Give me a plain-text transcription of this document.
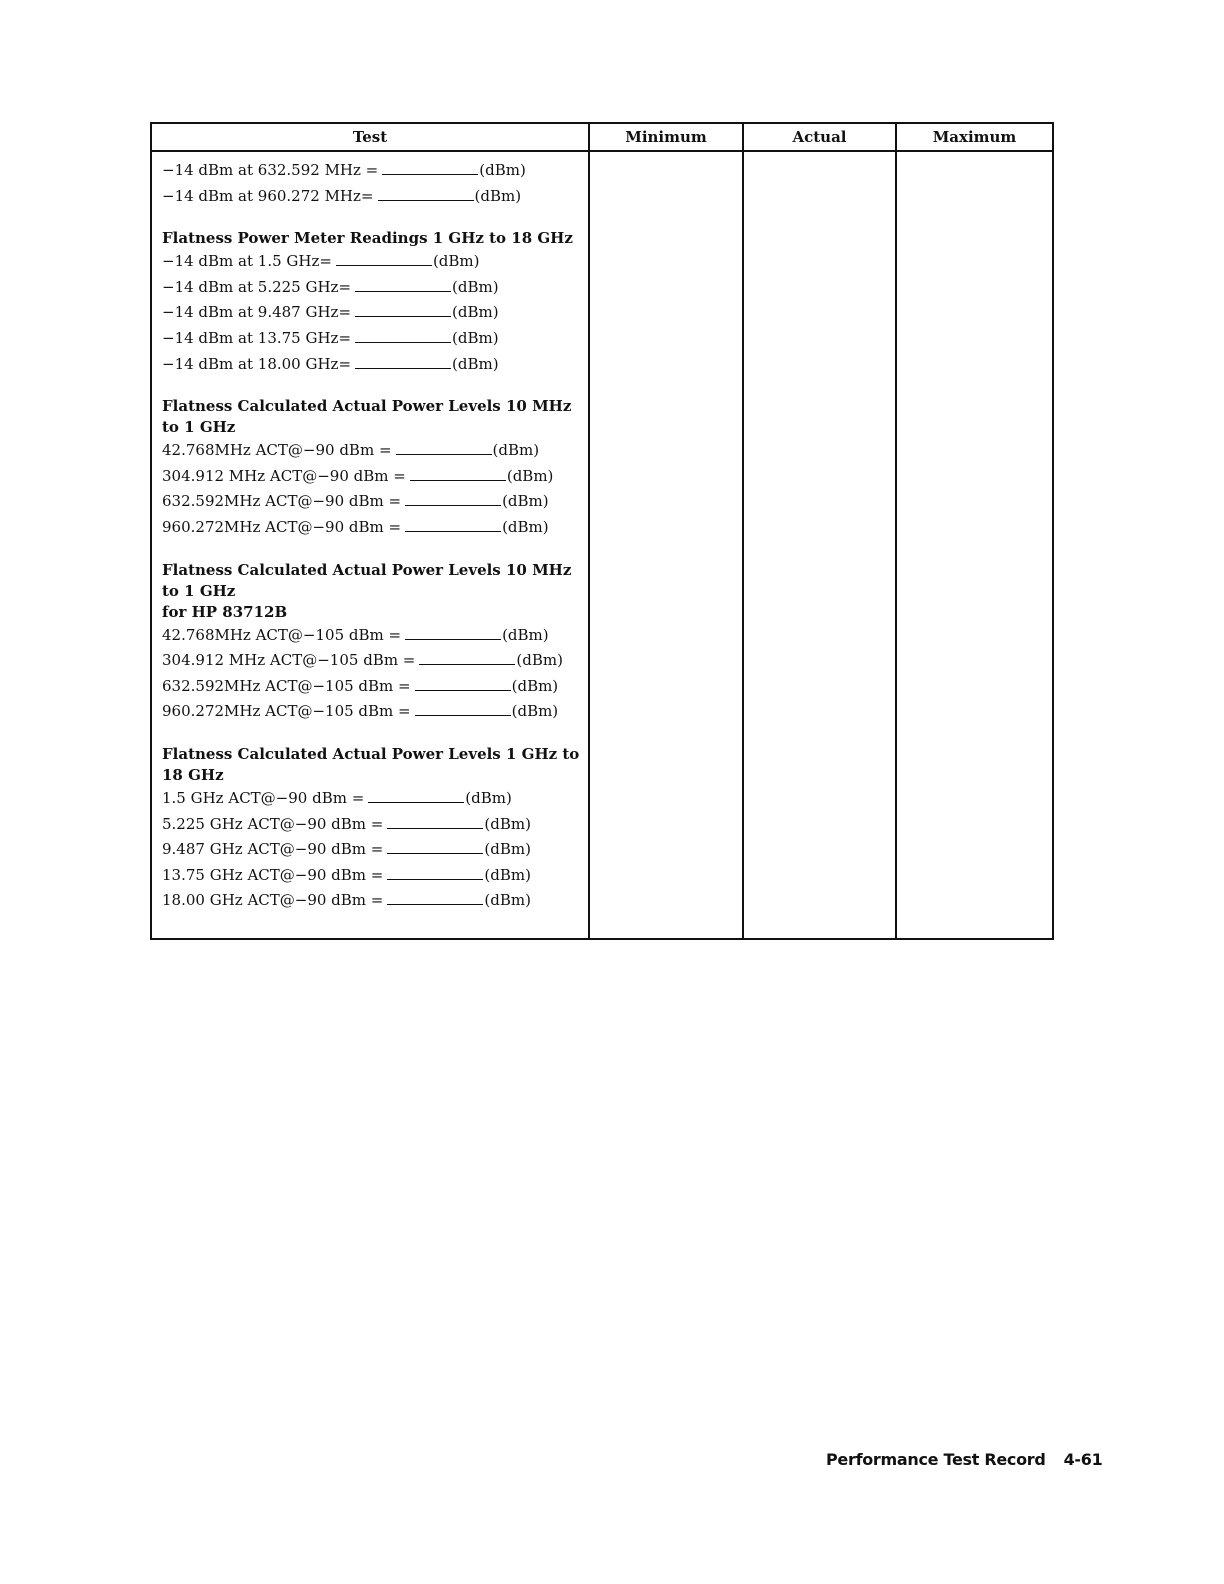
Test	Minimum	Actual	Maximum
−14 dBm at 632.592 MHz =	(dBm)
−14 dBm at 960.272 MHz=	(dBm)
Flatness Power Meter Readings 1 GHz to 18 GHz
−14 dBm at 1.5 GHz=	(dBm)
−14 dBm at 5.225 GHz=	(dBm)
−14 dBm at 9.487 GHz=	(dBm)
−14 dBm at 13.75 GHz=	(dBm)
−14 dBm at 18.00 GHz=	(dBm)
Flatness Calculated Actual Power Levels 10 MHz to 1 GHz
42.768MHz ACT@−90 dBm =	(dBm)
304.912 MHz ACT@−90 dBm =	(dBm)
632.592MHz ACT@−90 dBm =	(dBm)
960.272MHz ACT@−90 dBm =	(dBm)
Flatness Calculated Actual Power Levels 10 MHz to 1 GHz
for HP 83712B
42.768MHz ACT@−105 dBm =	(dBm)
304.912 MHz ACT@−105 dBm =	(dBm)
632.592MHz ACT@−105 dBm =	(dBm)
960.272MHz ACT@−105 dBm =	(dBm)
Flatness Calculated Actual Power Levels 1 GHz to 18 GHz
1.5 GHz ACT@−90 dBm =	(dBm)
5.225 GHz ACT@−90 dBm =	(dBm)
9.487 GHz ACT@−90 dBm =	(dBm)
13.75 GHz ACT@−90 dBm =	(dBm)
18.00 GHz ACT@−90 dBm =	(dBm)
Performance Test Record 4-61
